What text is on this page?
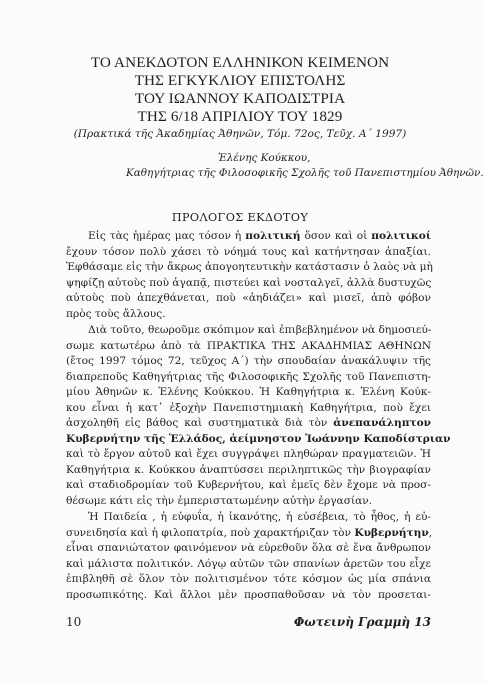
ΤΟ ΑΝΕΚΔΟΤΟΝ ΕΛΛΗΝΙΚΟΝ ΚΕΙΜΕΝΟΝ
ΤΗΣ ΕΓΚΥΚΛΙΟΥ ΕΠΙΣΤΟΛΗΣ
ΤΟΥ ΙΩΑΝΝΟΥ ΚΑΠΟΔΙΣΤΡΙΑ
ΤΗΣ 6/18 ΑΠΡΙΛΙΟΥ ΤΟΥ 1829
(Πρακτικά τῆς Ἀκαδημίας Ἀθηνῶν, Τόμ. 72ος, Τεῦχ. Α΄ 1997)
Ἑλένης Κούκκου,
Καθηγήτριας τῆς Φιλοσοφικῆς Σχολῆς τοῦ Πανεπιστημίου Ἀθηνῶν.
ΠΡΟΛΟΓΟΣ ΕΚΔΟΤΟΥ
Εἰς τὰς ἡμέρας μας τόσον ἡ πολιτική ὅσον καὶ οἱ πολιτικοί
ἔχουν τόσον πολὺ χάσει τὸ νόημά τους καὶ κατήντησαν ἀπαξίαι.
Ἐφθάσαμε εἰς τὴν ἄκρως ἀπογοητευτικὴν κατάστασιν ὁ λαὸς νὰ μὴ
ψηφίζῃ αὐτοὺς ποὺ ἀγαπᾷ, πιστεύει καὶ νοσταλγεῖ, ἀλλὰ δυστυχῶς
αὐτοὺς ποὺ ἀπεχθάνεται, ποὺ «ἀηδιάζει» καὶ μισεῖ, ἀπὸ φόβον
πρὸς τοὺς ἄλλους.
Διὰ τοῦτο, θεωροῦμε σκόπιμον καὶ ἐπιβεβλημένον νὰ δημοσιεύ-
σωμε κατωτέρω ἀπὸ τὰ ΠΡΑΚΤΙΚΑ ΤΗΣ ΑΚΑΔΗΜΙΑΣ ΑΘΗΝΩΝ
(ἔτος 1997 τόμος 72, τεῦχος Α΄) τὴν σπουδαίαν ἀνακάλυψιν τῆς
διαπρεποῦς Καθηγήτριας τῆς Φιλοσοφικῆς Σχολῆς τοῦ Πανεπιστη-
μίου Ἀθηνῶν κ. Ἑλένης Κούκκου. Ἡ Καθηγήτρια κ. Ἑλένη Κούκ-
κου εἶναι ἡ κατ᾽ ἐξοχὴν Πανεπιστημιακὴ Καθηγήτρια, ποὺ ἔχει
ἀσχοληθῆ εἰς βάθος καὶ συστηματικὰ διὰ τὸν ἀνεπανάληπτον
Κυβερνήτην τῆς Ἑλλάδος, ἀείμνηστον Ἰωάννην Καποδίστριαν
καὶ τὸ ἔργον αὐτοῦ καὶ ἔχει συγγράψει πληθώραν πραγματειῶν. Ἡ
Καθηγήτρια κ. Κούκκου ἀναπτύσσει περιληπτικῶς τὴν βιογραφίαν
καὶ σταδιοδρομίαν τοῦ Κυβερνήτου, καὶ ἐμεῖς δὲν ἔχομε νὰ προσ-
θέσωμε κάτι εἰς τὴν ἐμπεριστατωμένην αὐτὴν ἐργασίαν.
Ἡ Παιδεία , ἡ εὐφυΐα, ἡ ἱκανότης, ἡ εὐσέβεια, τὸ ἦθος, ἡ εὐ-
συνειδησία καὶ ἡ φιλοπατρία, ποὺ χαρακτήριζαν τὸν Κυβερνήτην,
εἶναι σπανιώτατον φαινόμενον νὰ εὑρεθοῦν ὅλα σὲ ἕνα ἄνθρωπον
καὶ μάλιστα πολιτικόν. Λόγῳ αὐτῶν τῶν σπανίων ἀρετῶν του εἶχε
ἐπιβληθῆ σὲ ὅλον τὸν πολιτισμένον τότε κόσμον ὡς μία σπάνια
προσωπικότης. Καὶ ἄλλοι μὲν προσπαθοῦσαν νὰ τὸν προσεται-
10	Φωτεινὴ Γραμμὴ 13
